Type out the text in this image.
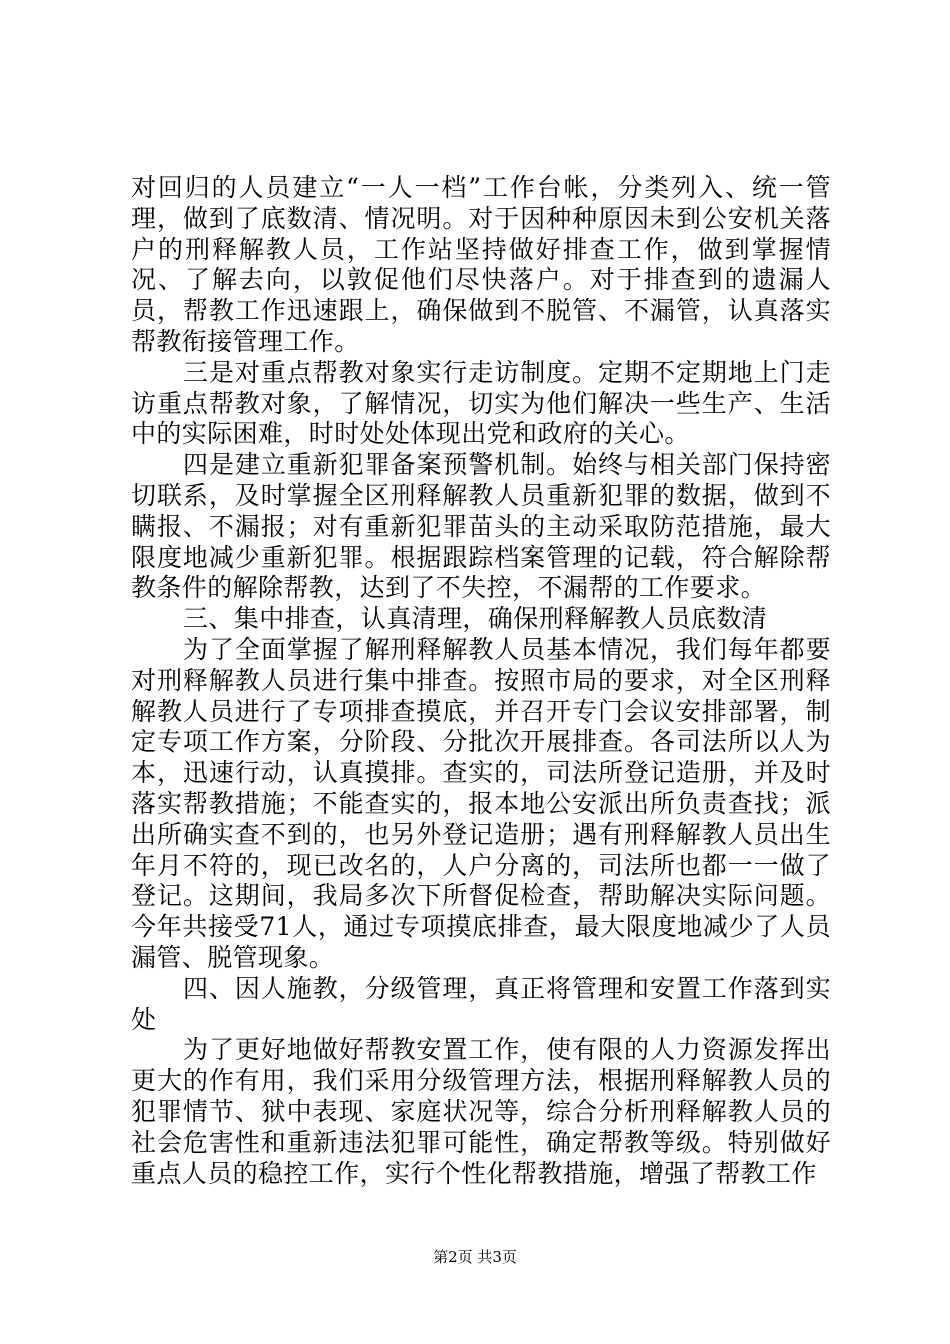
对回归的人员建立“一人一档”工作台帐，分类列入、统一管理，做到了底数清、情况明。对于因种种原因未到公安机关落户的刑释解教人员，工作站坚持做好排查工作，做到掌握情况、了解去向，以敦促他们尽快落户。对于排查到的遗漏人员，帮教工作迅速跟上，确保做到不脱管、不漏管，认真落实帮教衔接管理工作。

三是对重点帮教对象实行走访制度。定期不定期地上门走访重点帮教对象，了解情况，切实为他们解决一些生产、生活中的实际困难，时时处处体现出党和政府的关心。

四是建立重新犯罪备案预警机制。始终与相关部门保持密切联系，及时掌握全区刑释解教人员重新犯罪的数据，做到不瞒报、不漏报；对有重新犯罪苗头的主动采取防范措施，最大限度地减少重新犯罪。根据跟踪档案管理的记载，符合解除帮教条件的解除帮教，达到了不失控，不漏帮的工作要求。

三、集中排查，认真清理，确保刑释解教人员底数清

为了全面掌握了解刑释解教人员基本情况，我们每年都要对刑释解教人员进行集中排查。按照市局的要求，对全区刑释解教人员进行了专项排查摸底，并召开专门会议安排部署，制定专项工作方案，分阶段、分批次开展排查。各司法所以人为本，迅速行动，认真摸排。查实的，司法所登记造册，并及时落实帮教措施；不能查实的，报本地公安派出所负责查找；派出所确实查不到的，也另外登记造册；遇有刑释解教人员出生年月不符的，现已改名的，人户分离的，司法所也都一一做了登记。这期间，我局多次下所督促检查，帮助解决实际问题。今年共接受71人，通过专项摸底排查，最大限度地减少了人员漏管、脱管现象。

四、因人施教，分级管理，真正将管理和安置工作落到实处

为了更好地做好帮教安置工作，使有限的人力资源发挥出更大的作有用，我们采用分级管理方法，根据刑释解教人员的犯罪情节、狱中表现、家庭状况等，综合分析刑释解教人员的社会危害性和重新违法犯罪可能性，确定帮教等级。特别做好重点人员的稳控工作，实行个性化帮教措施，增强了帮教工作

第2页 共3页
